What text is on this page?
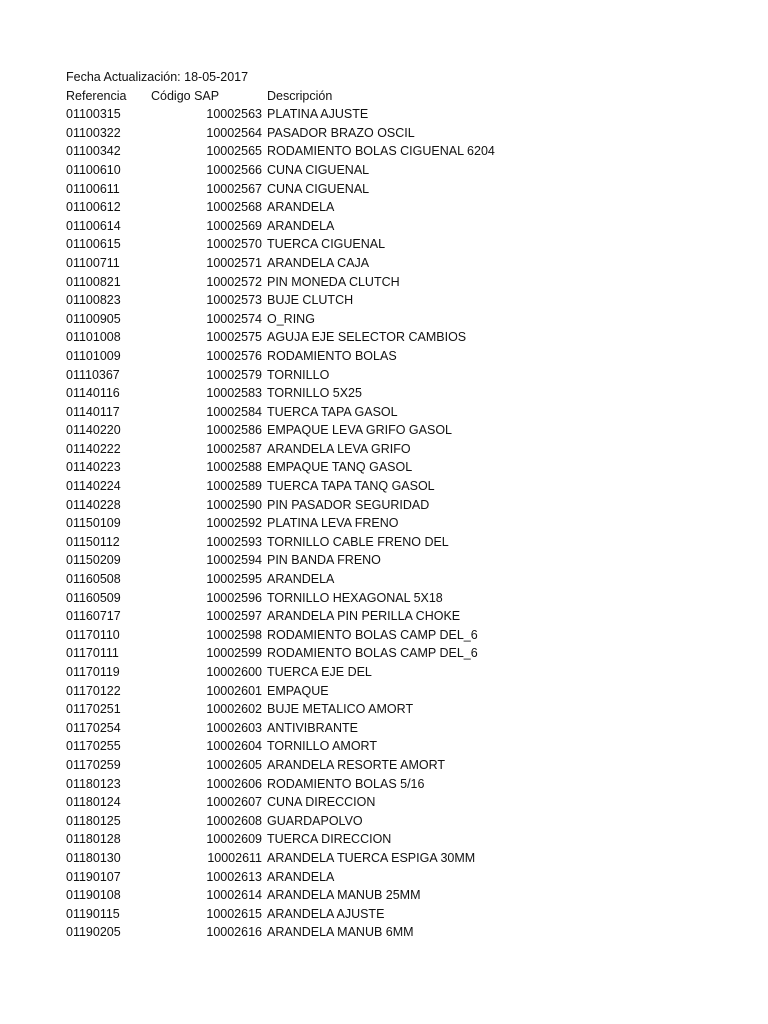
Fecha Actualización: 18-05-2017
Referencia	Código SAP	Descripción
01100315	10002563 PLATINA AJUSTE
01100322	10002564 PASADOR BRAZO OSCIL
01100342	10002565 RODAMIENTO BOLAS CIGUENAL 6204
01100610	10002566 CUNA CIGUENAL
01100611	10002567 CUNA CIGUENAL
01100612	10002568 ARANDELA
01100614	10002569 ARANDELA
01100615	10002570 TUERCA CIGUENAL
01100711	10002571 ARANDELA CAJA
01100821	10002572 PIN MONEDA CLUTCH
01100823	10002573 BUJE CLUTCH
01100905	10002574 O_RING
01101008	10002575 AGUJA EJE SELECTOR CAMBIOS
01101009	10002576 RODAMIENTO BOLAS
01110367	10002579 TORNILLO
01140116	10002583 TORNILLO 5X25
01140117	10002584 TUERCA TAPA GASOL
01140220	10002586 EMPAQUE LEVA GRIFO GASOL
01140222	10002587 ARANDELA LEVA GRIFO
01140223	10002588 EMPAQUE TANQ GASOL
01140224	10002589 TUERCA TAPA TANQ GASOL
01140228	10002590 PIN PASADOR SEGURIDAD
01150109	10002592 PLATINA LEVA FRENO
01150112	10002593 TORNILLO CABLE FRENO DEL
01150209	10002594 PIN BANDA FRENO
01160508	10002595 ARANDELA
01160509	10002596 TORNILLO HEXAGONAL 5X18
01160717	10002597 ARANDELA PIN PERILLA CHOKE
01170110	10002598 RODAMIENTO BOLAS CAMP DEL_6
01170111	10002599 RODAMIENTO BOLAS CAMP DEL_6
01170119	10002600 TUERCA EJE DEL
01170122	10002601 EMPAQUE
01170251	10002602 BUJE METALICO AMORT
01170254	10002603 ANTIVIBRANTE
01170255	10002604 TORNILLO AMORT
01170259	10002605 ARANDELA RESORTE AMORT
01180123	10002606 RODAMIENTO BOLAS 5/16
01180124	10002607 CUNA DIRECCION
01180125	10002608 GUARDAPOLVO
01180128	10002609 TUERCA DIRECCION
01180130	10002611 ARANDELA TUERCA ESPIGA 30MM
01190107	10002613 ARANDELA
01190108	10002614 ARANDELA MANUB 25MM
01190115	10002615 ARANDELA AJUSTE
01190205	10002616 ARANDELA MANUB 6MM
